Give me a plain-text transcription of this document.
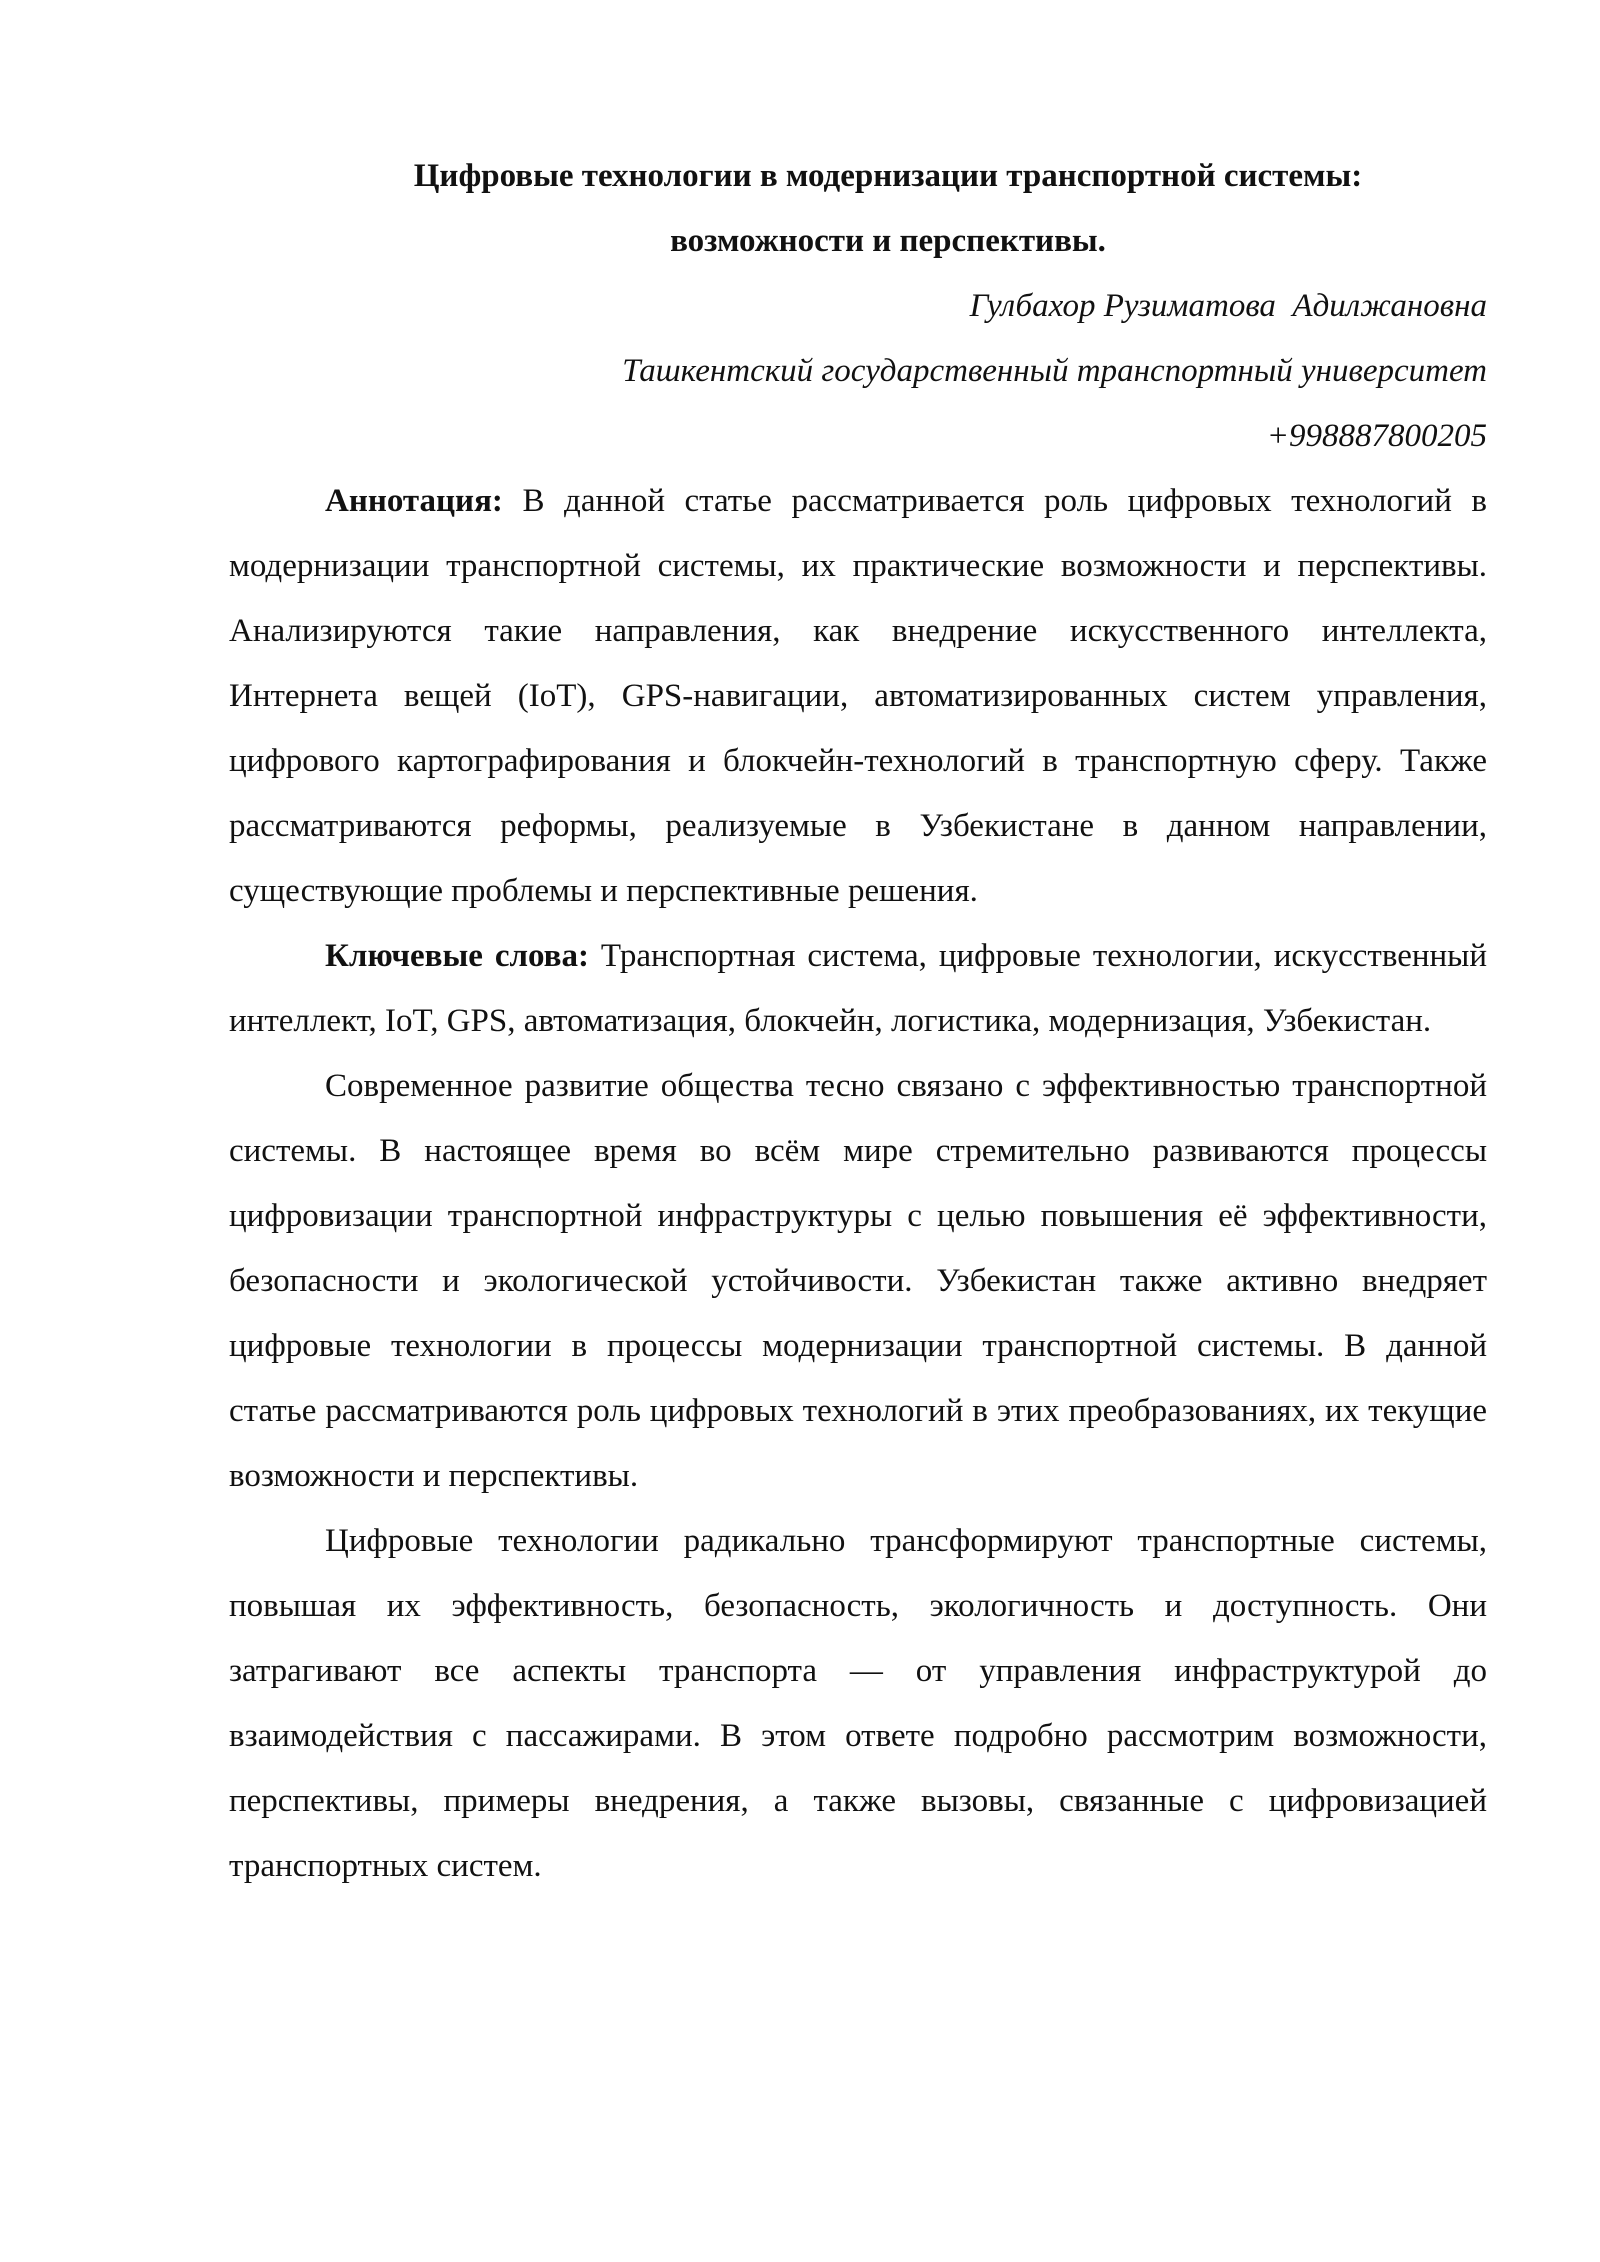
Цифровые технологии в модернизации транспортной системы:
возможности и перспективы.

Гулбахор Рузиматова  Адилжановна

Ташкентский государственный транспортный университет

+998887800205

Аннотация: В данной статье рассматривается роль цифровых технологий в модернизации транспортной системы, их практические возможности и перспективы. Анализируются такие направления, как внедрение искусственного интеллекта, Интернета вещей (IoT), GPS-навигации, автоматизированных систем управления, цифрового картографирования и блокчейн-технологий в транспортную сферу. Также рассматриваются реформы, реализуемые в Узбекистане в данном направлении, существующие проблемы и перспективные решения.

Ключевые слова: Транспортная система, цифровые технологии, искусственный интеллект, IoT, GPS, автоматизация, блокчейн, логистика, модернизация, Узбекистан.

Современное развитие общества тесно связано с эффективностью транспортной системы. В настоящее время во всём мире стремительно развиваются процессы цифровизации транспортной инфраструктуры с целью повышения её эффективности, безопасности и экологической устойчивости. Узбекистан также активно внедряет цифровые технологии в процессы модернизации транспортной системы. В данной статье рассматриваются роль цифровых технологий в этих преобразованиях, их текущие возможности и перспективы.

Цифровые технологии радикально трансформируют транспортные системы, повышая их эффективность, безопасность, экологичность и доступность. Они затрагивают все аспекты транспорта — от управления инфраструктурой до взаимодействия с пассажирами. В этом ответе подробно рассмотрим возможности, перспективы, примеры внедрения, а также вызовы, связанные с цифровизацией транспортных систем.
